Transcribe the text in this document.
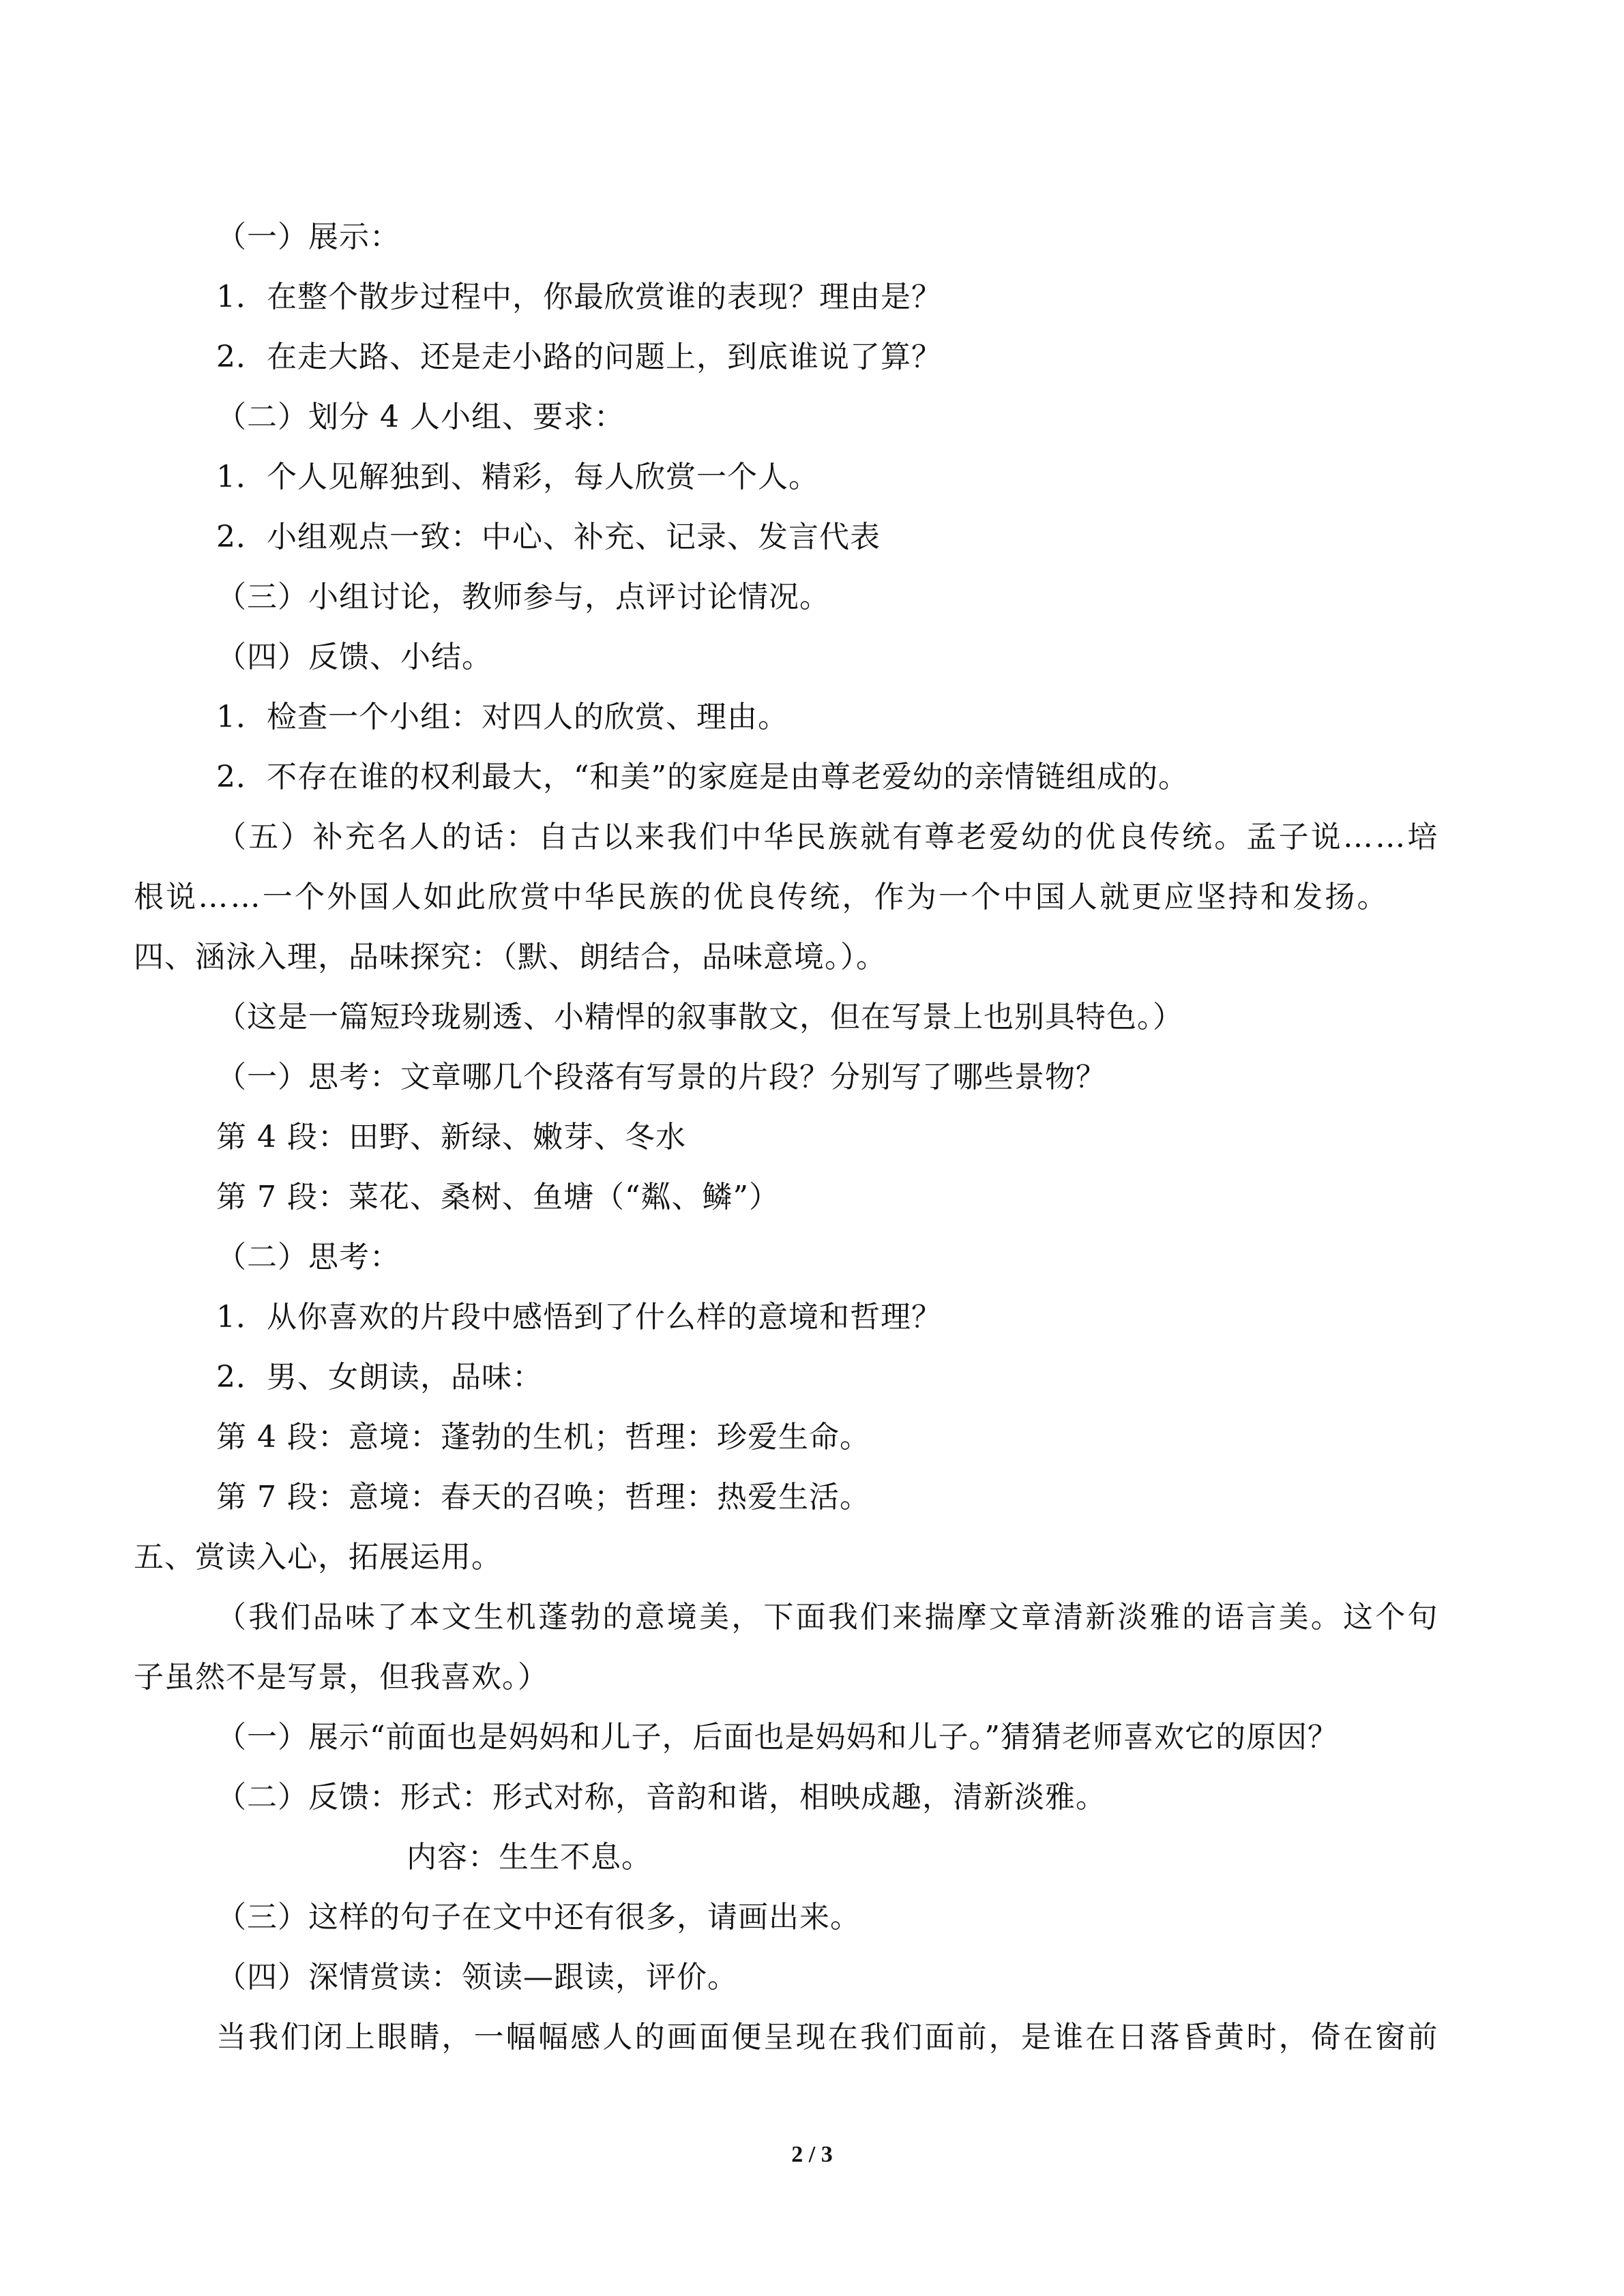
（一）展示：
1．在整个散步过程中，你最欣赏谁的表现？理由是？
2．在走大路、还是走小路的问题上，到底谁说了算？
（二）划分 4 人小组、要求：
1．个人见解独到、精彩，每人欣赏一个人。
2．小组观点一致：中心、补充、记录、发言代表
（三）小组讨论，教师参与，点评讨论情况。
（四）反馈、小结。
1．检查一个小组：对四人的欣赏、理由。
2．不存在谁的权利最大，“和美”的家庭是由尊老爱幼的亲情链组成的。
（五）补充名人的话：自古以来我们中华民族就有尊老爱幼的优良传统。孟子说……培
根说……一个外国人如此欣赏中华民族的优良传统，作为一个中国人就更应坚持和发扬。
四、涵泳入理，品味探究：（默、朗结合，品味意境。）。
（这是一篇短玲珑剔透、小精悍的叙事散文，但在写景上也别具特色。）
（一）思考：文章哪几个段落有写景的片段？分别写了哪些景物？
第 4 段：田野、新绿、嫩芽、冬水
第 7 段：菜花、桑树、鱼塘（“粼、鳞”）
（二）思考：
1．从你喜欢的片段中感悟到了什么样的意境和哲理？
2．男、女朗读，品味：
第 4 段：意境：蓬勃的生机；哲理：珍爱生命。
第 7 段：意境：春天的召唤；哲理：热爱生活。
五、赏读入心，拓展运用。
（我们品味了本文生机蓬勃的意境美，下面我们来揣摩文章清新淡雅的语言美。这个句
子虽然不是写景，但我喜欢。）
（一）展示“前面也是妈妈和儿子，后面也是妈妈和儿子。”猜猜老师喜欢它的原因？
（二）反馈：形式：形式对称，音韵和谐，相映成趣，清新淡雅。
内容：生生不息。
（三）这样的句子在文中还有很多，请画出来。
（四）深情赏读：领读—跟读，评价。
当我们闭上眼睛，一幅幅感人的画面便呈现在我们面前，是谁在日落昏黄时，倚在窗前
2 / 3
